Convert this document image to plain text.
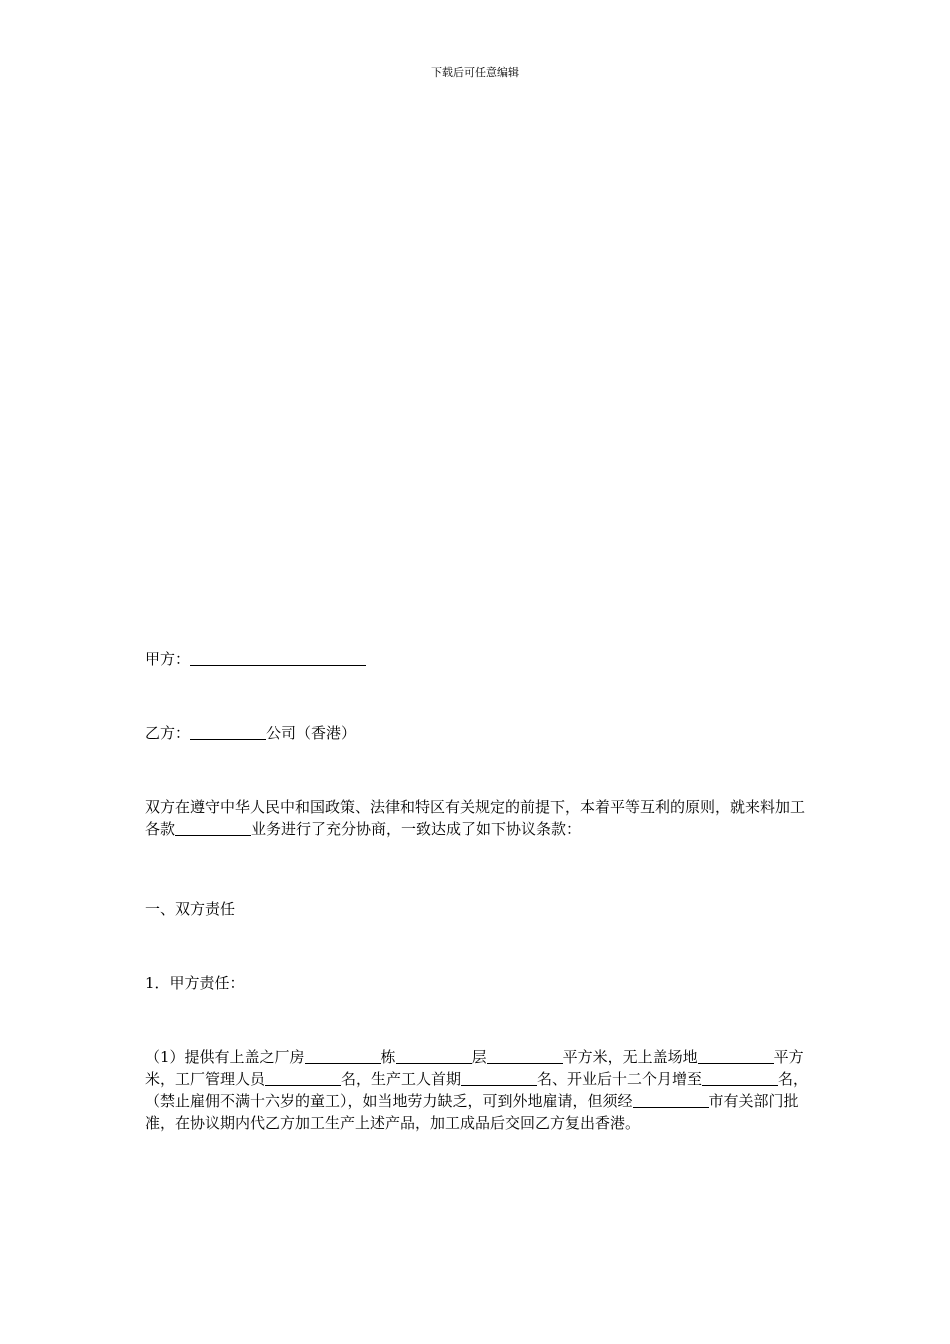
下载后可任意编辑
甲方：
乙方：	公司（香港）
双方在遵守中华人民中和国政策、法律和特区有关规定的前提下，本着平等互利的原则，就来料加工各款	业务进行了充分协商，一致达成了如下协议条款：
一、双方责任
1．甲方责任：
（1）提供有上盖之厂房	栋	层	平方米，无上盖场地	平方米，工厂管理人员	名，生产工人首期	名、开业后十二个月增至	名，（禁止雇佣不满十六岁的童工），如当地劳力缺乏，可到外地雇请，但须经	市有关部门批准，在协议期内代乙方加工生产上述产品，加工成品后交回乙方复出香港。
